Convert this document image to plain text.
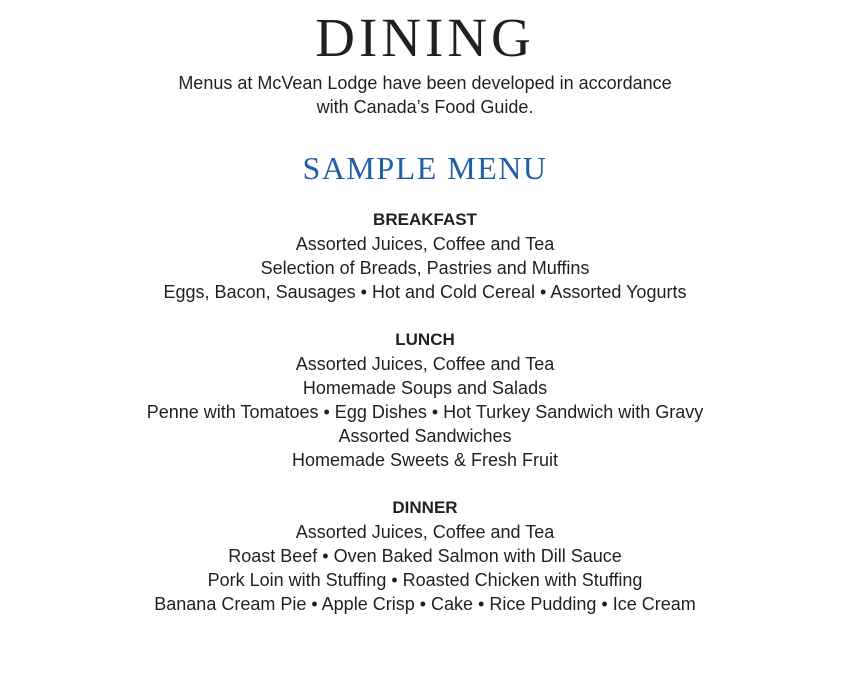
DINING

Menus at McVean Lodge have been developed in accordance
with Canada’s Food Guide.

SAMPLE MENU
BREAKFAST
Assorted Juices, Coffee and Tea
Selection of Breads, Pastries and Muffins
Eggs, Bacon, Sausages • Hot and Cold Cereal • Assorted Yogurts
LUNCH
Assorted Juices, Coffee and Tea
Homemade Soups and Salads
Penne with Tomatoes • Egg Dishes • Hot Turkey Sandwich with Gravy
Assorted Sandwiches
Homemade Sweets & Fresh Fruit
DINNER
Assorted Juices, Coffee and Tea
Roast Beef • Oven Baked Salmon with Dill Sauce
Pork Loin with Stuffing • Roasted Chicken with Stuffing
Banana Cream Pie • Apple Crisp • Cake • Rice Pudding • Ice Cream
